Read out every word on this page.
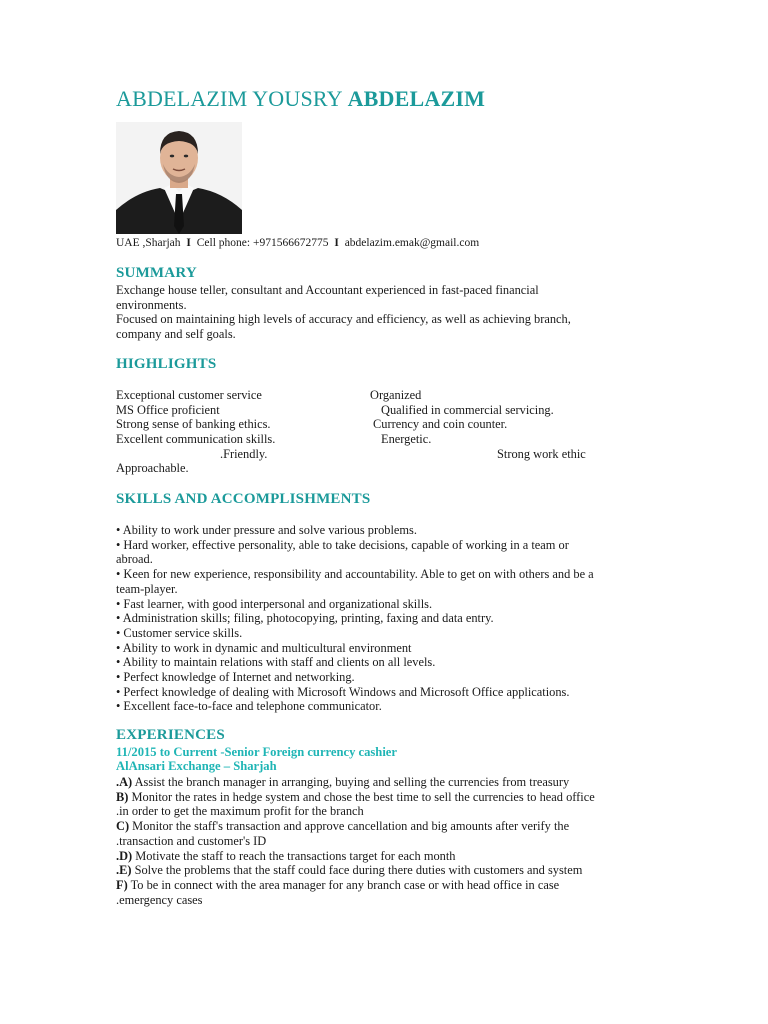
ABDELAZIM YOUSRY ABDELAZIM
UAE ,Sharjah I Cell phone: +971566672775 I abdelazim.emak@gmail.com
SUMMARY

Exchange house teller, consultant and Accountant experienced in fast-paced financial

environments.

Focused on maintaining high levels of accuracy and efficiency, as well as achieving branch,

company and self goals.

HIGHLIGHTS
Exceptional customer service	Organized
MS Office proficient	Qualified in commercial servicing.
Strong sense of banking ethics.	Currency and coin counter.
Excellent communication skills.	Energetic.
.Friendly.	Strong work ethic
Approachable.
SKILLS AND ACCOMPLISHMENTS
• Ability to work under pressure and solve various problems.
• Hard worker, effective personality, able to take decisions, capable of working in a team or
abroad.
• Keen for new experience, responsibility and accountability. Able to get on with others and be a
team-player.
• Fast learner, with good interpersonal and organizational skills.
• Administration skills; filing, photocopying, printing, faxing and data entry.
• Customer service skills.
• Ability to work in dynamic and multicultural environment
• Ability to maintain relations with staff and clients on all levels.
• Perfect knowledge of Internet and networking.
• Perfect knowledge of dealing with Microsoft Windows and Microsoft Office applications.
• Excellent face-to-face and telephone communicator.
EXPERIENCES
11/2015 to Current -Senior Foreign currency cashier
AlAnsari Exchange – Sharjah
.A) Assist the branch manager in arranging, buying and selling the currencies from treasury
B) Monitor the rates in hedge system and chose the best time to sell the currencies to head office
.in order to get the maximum profit for the branch
C) Monitor the staff's transaction and approve cancellation and big amounts after verify the
.transaction and customer's ID
.D) Motivate the staff to reach the transactions target for each month
.E) Solve the problems that the staff could face during there duties with customers and system
F) To be in connect with the area manager for any branch case or with head office in case
.emergency cases
